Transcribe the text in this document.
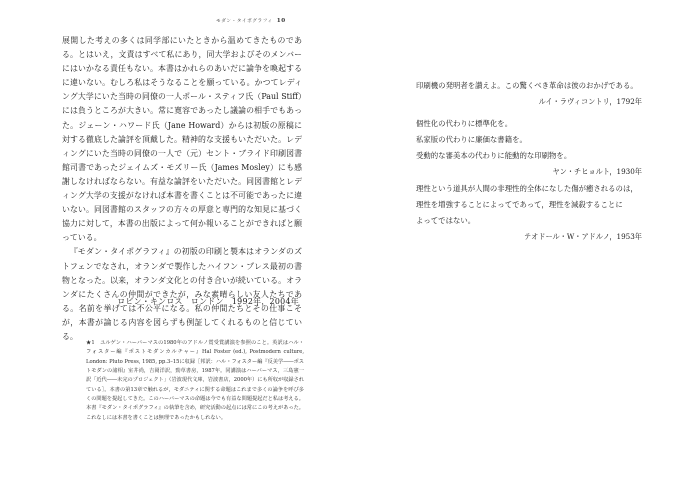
モダン・タイポグラフィ 10

展開した考えの多くは同学部にいたときから温めてきたものである。とはいえ，文責はすべて私にあり，同大学およびそのメンバーにはいかなる責任もない。本書はかれらのあいだに論争を喚起するに違いない。むしろ私はそうなることを願っている。かつてレディング大学にいた当時の同僚の一人ポール・スティフ氏（Paul Stiff）には負うところが大きい。常に寛容であったし議論の相手でもあった。ジェーン・ハワード氏（Jane Howard）からは初版の原稿に対する徹底した論評を頂戴した。精神的な支援もいただいた。レディングにいた当時の同僚の一人で（元）セント・ブライド印刷図書館司書であったジェイムズ・モズリー氏（James Mosley）にも感謝しなければならない。有益な論評をいただいた。同図書館とレディング大学の支援がなければ本書を書くことは不可能であったに違いない。同図書館のスタッフの方々の厚意と専門的な知見に基づく協力に対して，本書の出版によって何か報いることができればと願っている。

『モダン・タイポグラフィ』の初版の印刷と製本はオランダのズトフェンでなされ，オランダで製作したハイフン・プレス最初の書物となった。以来，オランダ文化との付き合いが続いている。オランダにたくさんの仲間ができたが，みな素晴らしい友人たちである。名前を挙げては不公平になる。私の仲間たちとその仕事こそが，本書が論じる内容を図らずも例証してくれるものと信じている。

ロビン・キンロス　ロンドン　1992年，2004年

★1　ユルゲン・ハーバーマスの1980年のアドルノ賞受賞講演を参照のこと。英訳はハル・フォスター編『ポストモダンカルチャー』Hal Foster (ed.), Postmodern culture, London: Pluto Press, 1985, pp.3–15に収録［邦訳：ハル・フォスター編『反美学――ポストモダンの諸相』室井尚，吉岡洋訳，勁草書房，1987年。同講演はハーバーマス，三島憲一訳「近代――未完のプロジェクト」（岩波現代文庫，岩波書店，2000年）にも所収が収録されている］。本書の第13章で触れるが，モダニティに関する命題はこれまで多くの論争を呼び多くの問題を提起してきた。このハーバーマスの命題は今でも有益な問題提起だと私は考える。本書『モダン・タイポグラフィ』の執筆を含め，研究活動の起点には常にこの考えがあった。これなしには本書を書くことは無理であったかもしれない。

印刷機の発明者を讃えよ。この驚くべき革命は彼のおかげである。
ルイ・ラヴィコントリ，1792年
個性化の代わりに標準化を。
私家版の代わりに廉価な書籍を。
受動的な審美本の代わりに能動的な印刷物を。
ヤン・チヒョルト，1930年
理性という道具が人間の非理性的全体になした傷が癒されるのは，
理性を増強することによってであって，理性を減殺することに
よってではない。
テオドール・W・アドルノ，1953年
